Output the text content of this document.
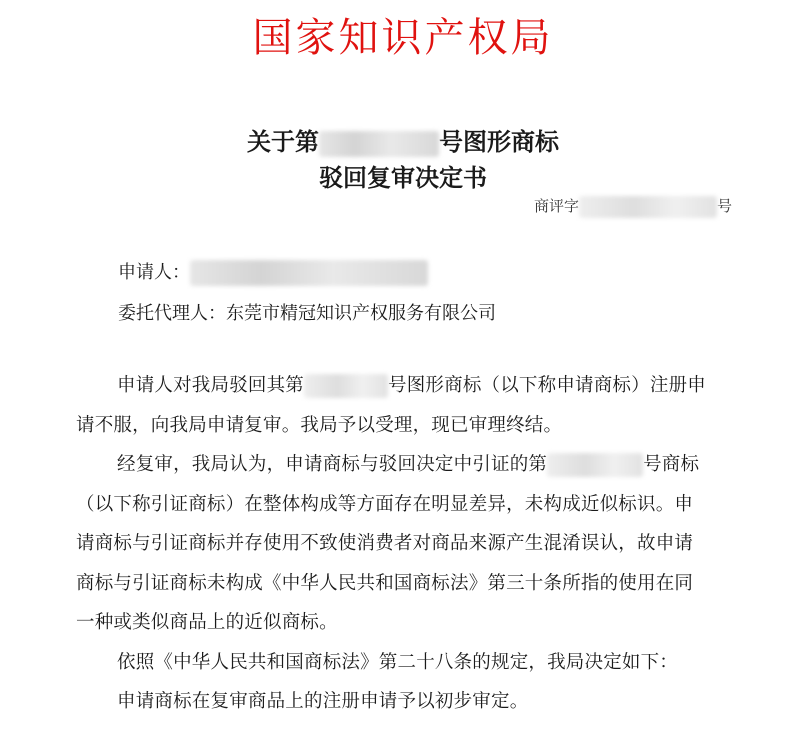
国家知识产权局
关于第	号图形商标
驳回复审决定书
商评字	号
申请人：
委托代理人：东莞市精冠知识产权服务有限公司

申请人对我局驳回其第	号图形商标（以下称申请商标）注册申

请不服，向我局申请复审。我局予以受理，现已审理终结。

经复审，我局认为，申请商标与驳回决定中引证的第	号商标

（以下称引证商标）在整体构成等方面存在明显差异，未构成近似标识。申

请商标与引证商标并存使用不致使消费者对商品来源产生混淆误认，故申请

商标与引证商标未构成《中华人民共和国商标法》第三十条所指的使用在同

一种或类似商品上的近似商标。

依照《中华人民共和国商标法》第二十八条的规定，我局决定如下：

申请商标在复审商品上的注册申请予以初步审定。
